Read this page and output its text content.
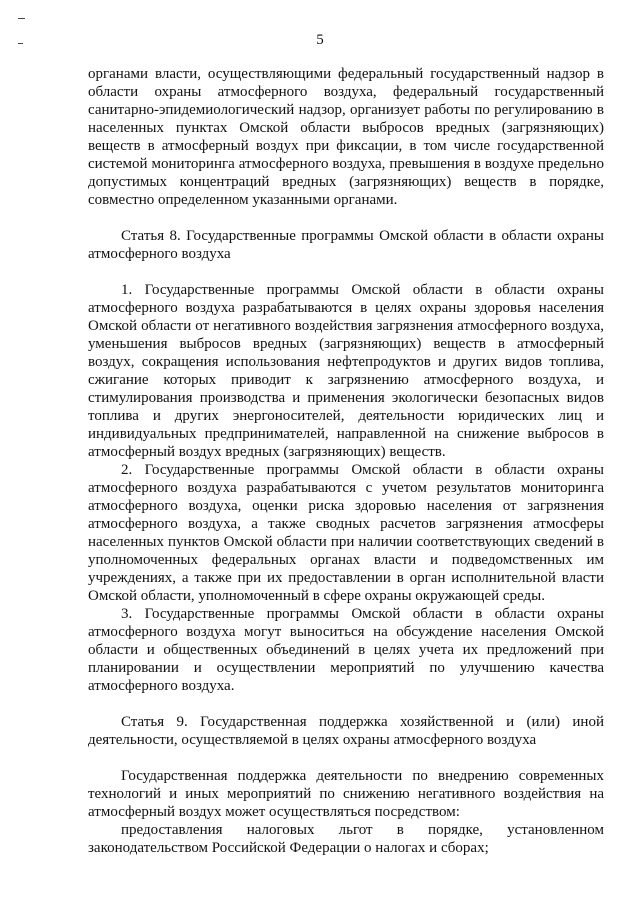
5

органами власти, осуществляющими федеральный государственный надзор в области охраны атмосферного воздуха, федеральный государственный санитарно-эпидемиологический надзор, организует работы по регулированию в населенных пунктах Омской области выбросов вредных (загрязняющих) веществ в атмосферный воздух при фиксации, в том числе государственной системой мониторинга атмосферного воздуха, превышения в воздухе предельно допустимых концентраций вредных (загрязняющих) веществ в порядке, совместно определенном указанными органами.

Статья 8. Государственные программы Омской области в области охраны атмосферного воздуха

1. Государственные программы Омской области в области охраны атмосферного воздуха разрабатываются в целях охраны здоровья населения Омской области от негативного воздействия загрязнения атмосферного воздуха, уменьшения выбросов вредных (загрязняющих) веществ в атмосферный воздух, сокращения использования нефтепродуктов и других видов топлива, сжигание которых приводит к загрязнению атмосферного воздуха, и стимулирования производства и применения экологически безопасных видов топлива и других энергоносителей, деятельности юридических лиц и индивидуальных предпринимателей, направленной на снижение выбросов в атмосферный воздух вредных (загрязняющих) веществ.

2. Государственные программы Омской области в области охраны атмосферного воздуха разрабатываются с учетом результатов мониторинга атмосферного воздуха, оценки риска здоровью населения от загрязнения атмосферного воздуха, а также сводных расчетов загрязнения атмосферы населенных пунктов Омской области при наличии соответствующих сведений в уполномоченных федеральных органах власти и подведомственных им учреждениях, а также при их предоставлении в орган исполнительной власти Омской области, уполномоченный в сфере охраны окружающей среды.

3. Государственные программы Омской области в области охраны атмосферного воздуха могут выноситься на обсуждение населения Омской области и общественных объединений в целях учета их предложений при планировании и осуществлении мероприятий по улучшению качества атмосферного воздуха.

Статья 9. Государственная поддержка хозяйственной и (или) иной деятельности, осуществляемой в целях охраны атмосферного воздуха

Государственная поддержка деятельности по внедрению современных технологий и иных мероприятий по снижению негативного воздействия на атмосферный воздух может осуществляться посредством:

предоставления налоговых льгот в порядке, установленном законодательством Российской Федерации о налогах и сборах;
